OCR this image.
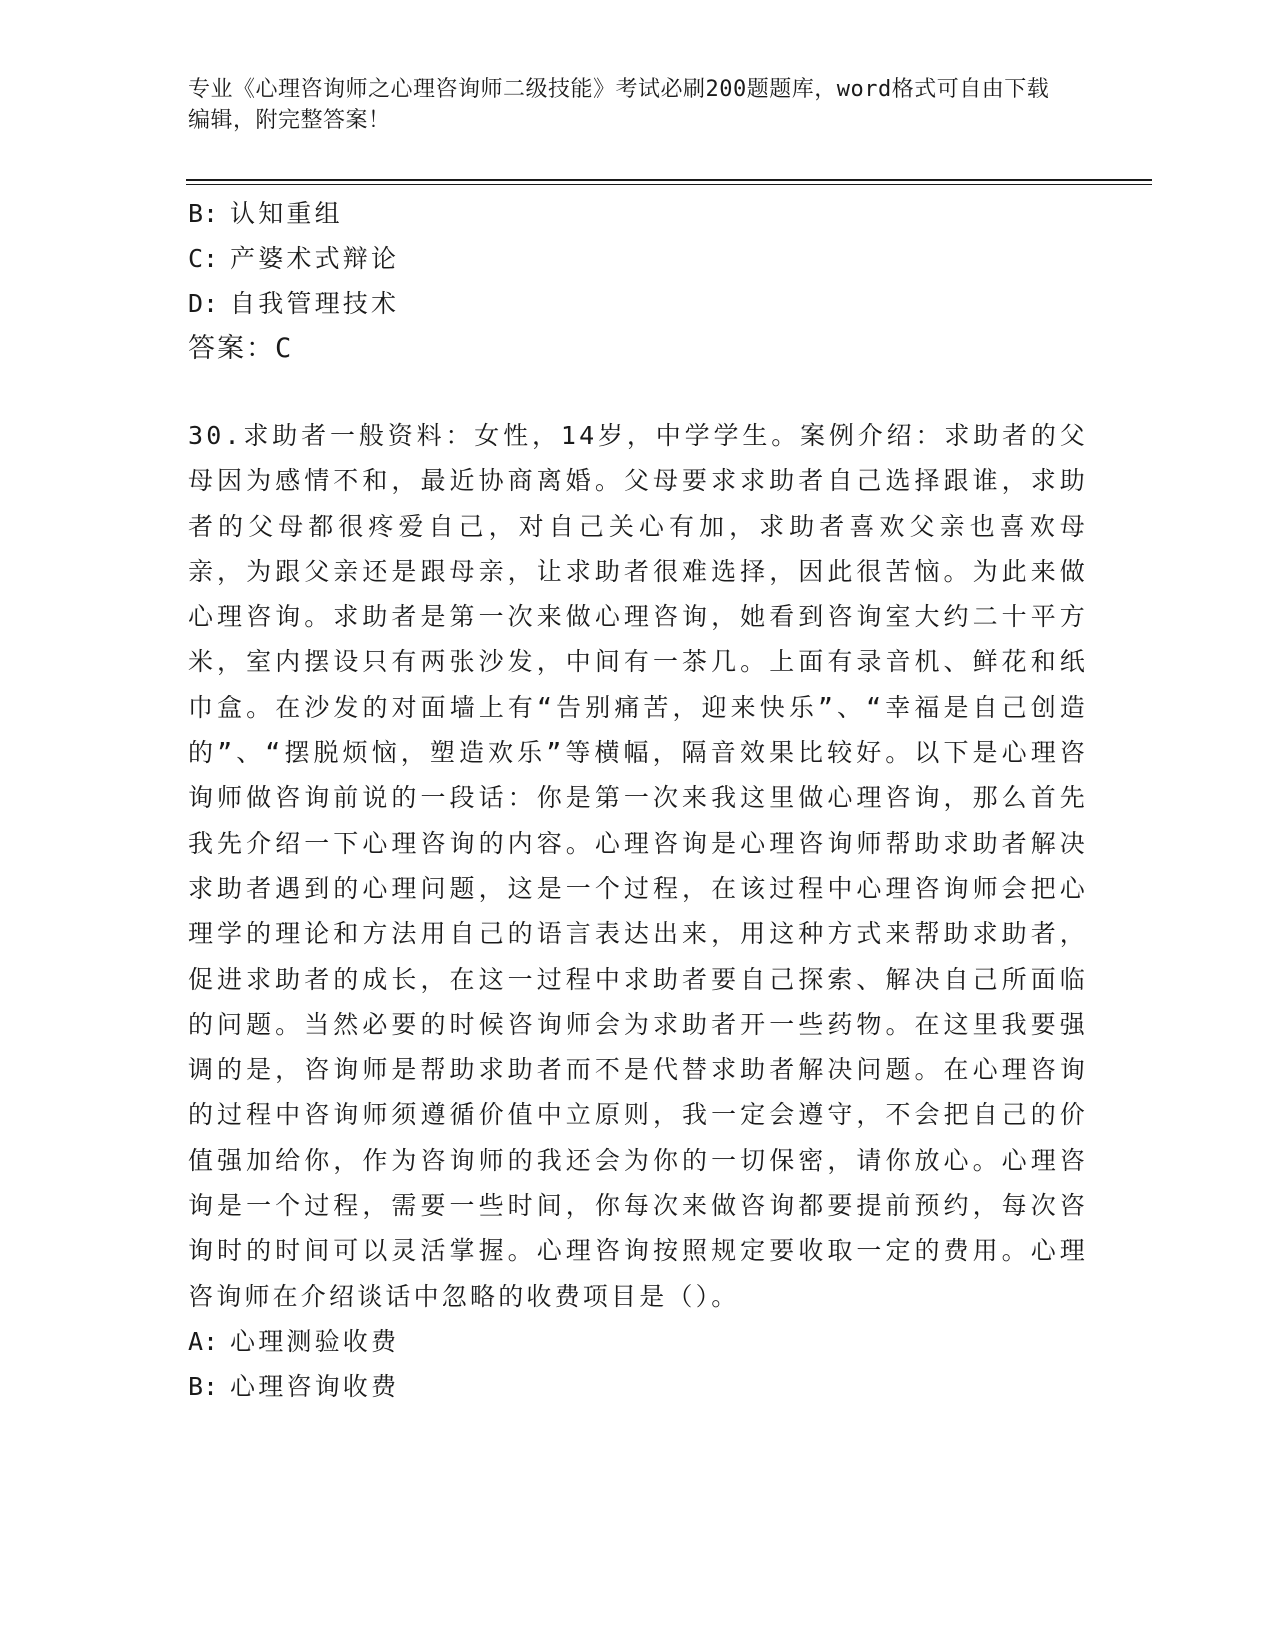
专业《心理咨询师之心理咨询师二级技能》考试必刷200题题库，word格式可自由下载编辑，附完整答案！
B: 认知重组
C: 产婆术式辩论
D: 自我管理技术
答案：C
30.求助者一般资料：女性，14岁，中学学生。案例介绍：求助者的父母因为感情不和，最近协商离婚。父母要求求助者自己选择跟谁，求助者的父母都很疼爱自己，对自己关心有加，求助者喜欢父亲也喜欢母亲，为跟父亲还是跟母亲，让求助者很难选择，因此很苦恼。为此来做心理咨询。求助者是第一次来做心理咨询，她看到咨询室大约二十平方米，室内摆设只有两张沙发，中间有一茶几。上面有录音机、鲜花和纸巾盒。在沙发的对面墙上有“告别痛苦，迎来快乐”、“幸福是自己创造的”、“摆脱烦恼，塑造欢乐”等横幅，隔音效果比较好。以下是心理咨询师做咨询前说的一段话：你是第一次来我这里做心理咨询，那么首先我先介绍一下心理咨询的内容。心理咨询是心理咨询师帮助求助者解决求助者遇到的心理问题，这是一个过程，在该过程中心理咨询师会把心理学的理论和方法用自己的语言表达出来，用这种方式来帮助求助者，促进求助者的成长，在这一过程中求助者要自己探索、解决自己所面临的问题。当然必要的时候咨询师会为求助者开一些药物。在这里我要强调的是，咨询师是帮助求助者而不是代替求助者解决问题。在心理咨询的过程中咨询师须遵循价值中立原则，我一定会遵守，不会把自己的价值强加给你，作为咨询师的我还会为你的一切保密，请你放心。心理咨询是一个过程，需要一些时间，你每次来做咨询都要提前预约，每次咨询时的时间可以灵活掌握。心理咨询按照规定要收取一定的费用。心理咨询师在介绍谈话中忽略的收费项目是（）。
A: 心理测验收费
B: 心理咨询收费
